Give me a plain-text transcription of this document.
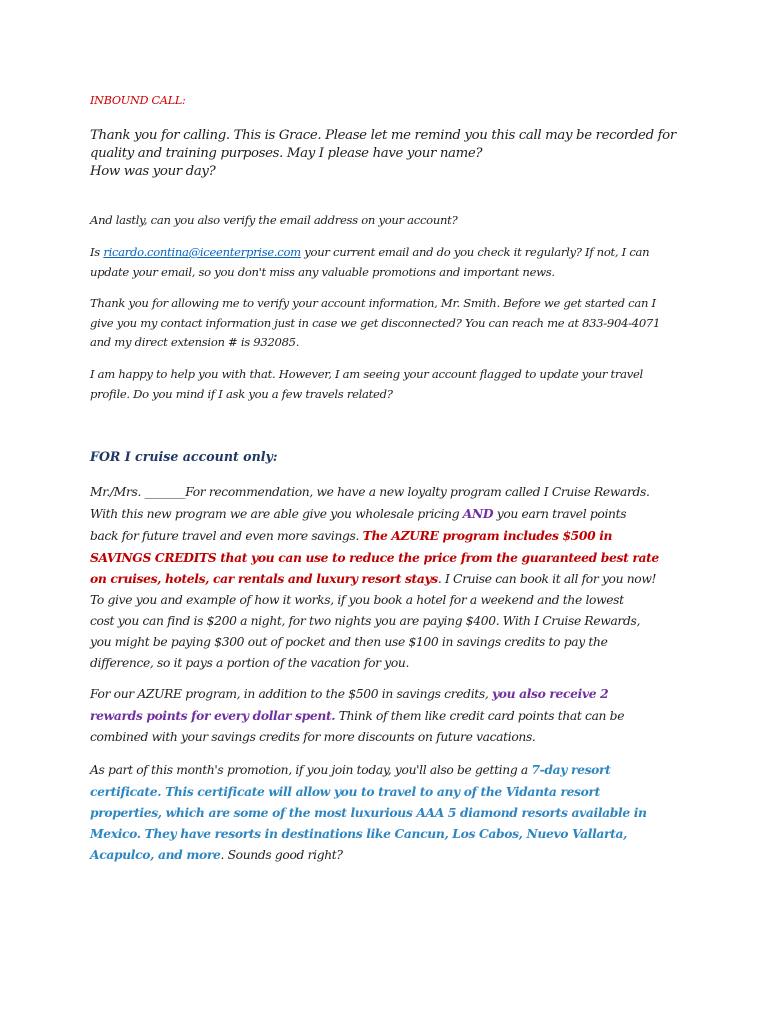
INBOUND CALL:
Thank you for calling. This is Grace. Please let me remind you this call may be recorded for
quality and training purposes. May I please have your name?
How was your day?
And lastly, can you also verify the email address on your account?
Is ricardo.contina@iceenterprise.com your current email and do you check it regularly? If not, I can
update your email, so you don't miss any valuable promotions and important news.
Thank you for allowing me to verify your account information, Mr. Smith. Before we get started can I
give you my contact information just in case we get disconnected? You can reach me at 833-904-4071
and my direct extension # is 932085.
I am happy to help you with that. However, I am seeing your account flagged to update your travel
profile. Do you mind if I ask you a few travels related?
FOR I cruise account only:
Mr./Mrs. _______For recommendation, we have a new loyalty program called I Cruise Rewards.
With this new program we are able give you wholesale pricing AND you earn travel points
back for future travel and even more savings. The AZURE program includes $500 in
SAVINGS CREDITS that you can use to reduce the price from the guaranteed best rate
on cruises, hotels, car rentals and luxury resort stays. I Cruise can book it all for you now!
To give you and example of how it works, if you book a hotel for a weekend and the lowest
cost you can find is $200 a night, for two nights you are paying $400. With I Cruise Rewards,
you might be paying $300 out of pocket and then use $100 in savings credits to pay the
difference, so it pays a portion of the vacation for you.
For our AZURE program, in addition to the $500 in savings credits, you also receive 2
rewards points for every dollar spent. Think of them like credit card points that can be
combined with your savings credits for more discounts on future vacations.
As part of this month's promotion, if you join today, you'll also be getting a 7-day resort
certificate. This certificate will allow you to travel to any of the Vidanta resort
properties, which are some of the most luxurious AAA 5 diamond resorts available in
Mexico. They have resorts in destinations like Cancun, Los Cabos, Nuevo Vallarta,
Acapulco, and more. Sounds good right?
